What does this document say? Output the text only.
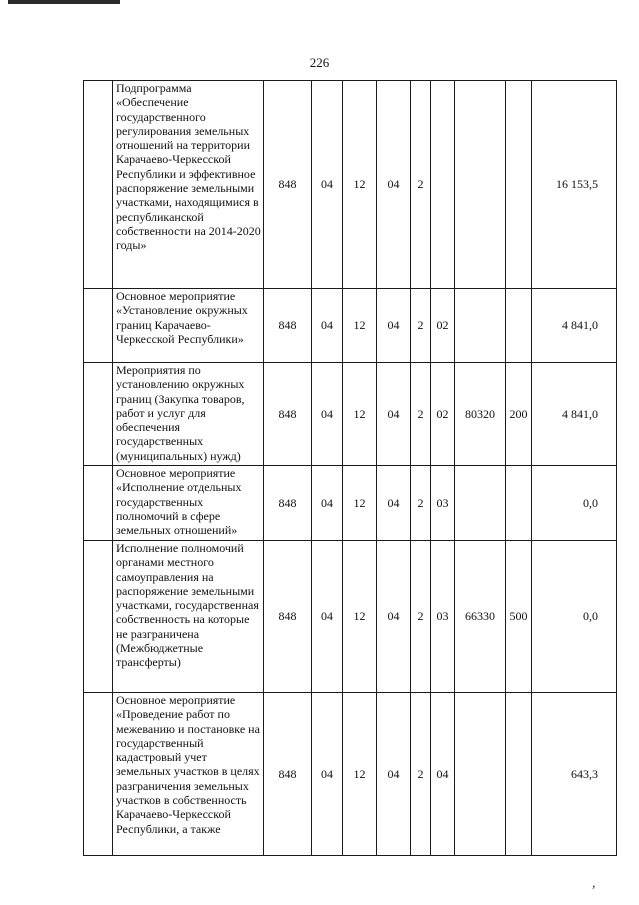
226
	Подпрограмма «Обеспечение государственного регулирования земельных отношений на территории Карачаево-Черкесской Республики и эффективное распоряжение земельными участками, находящимися в республиканской собственности на 2014-2020 годы»	848	04	12	04	2				16 153,5
	Основное мероприятие «Установление окружных границ Карачаево-Черкесской Республики»	848	04	12	04	2	02			4 841,0
	Мероприятия по установлению окружных границ (Закупка товаров, работ и услуг для обеспечения государственных (муниципальных) нужд)	848	04	12	04	2	02	80320	200	4 841,0
	Основное мероприятие «Исполнение отдельных государственных полномочий в сфере земельных отношений»	848	04	12	04	2	03			0,0
	Исполнение полномочий органами местного самоуправления на распоряжение земельными участками, государственная собственность на которые не разграничена (Межбюджетные трансферты)	848	04	12	04	2	03	66330	500	0,0
	Основное мероприятие «Проведение работ по межеванию и постановке на государственный кадастровый учет земельных участков в целях разграничения земельных участков в собственность Карачаево-Черкесской Республики, а также	848	04	12	04	2	04			643,3
,
